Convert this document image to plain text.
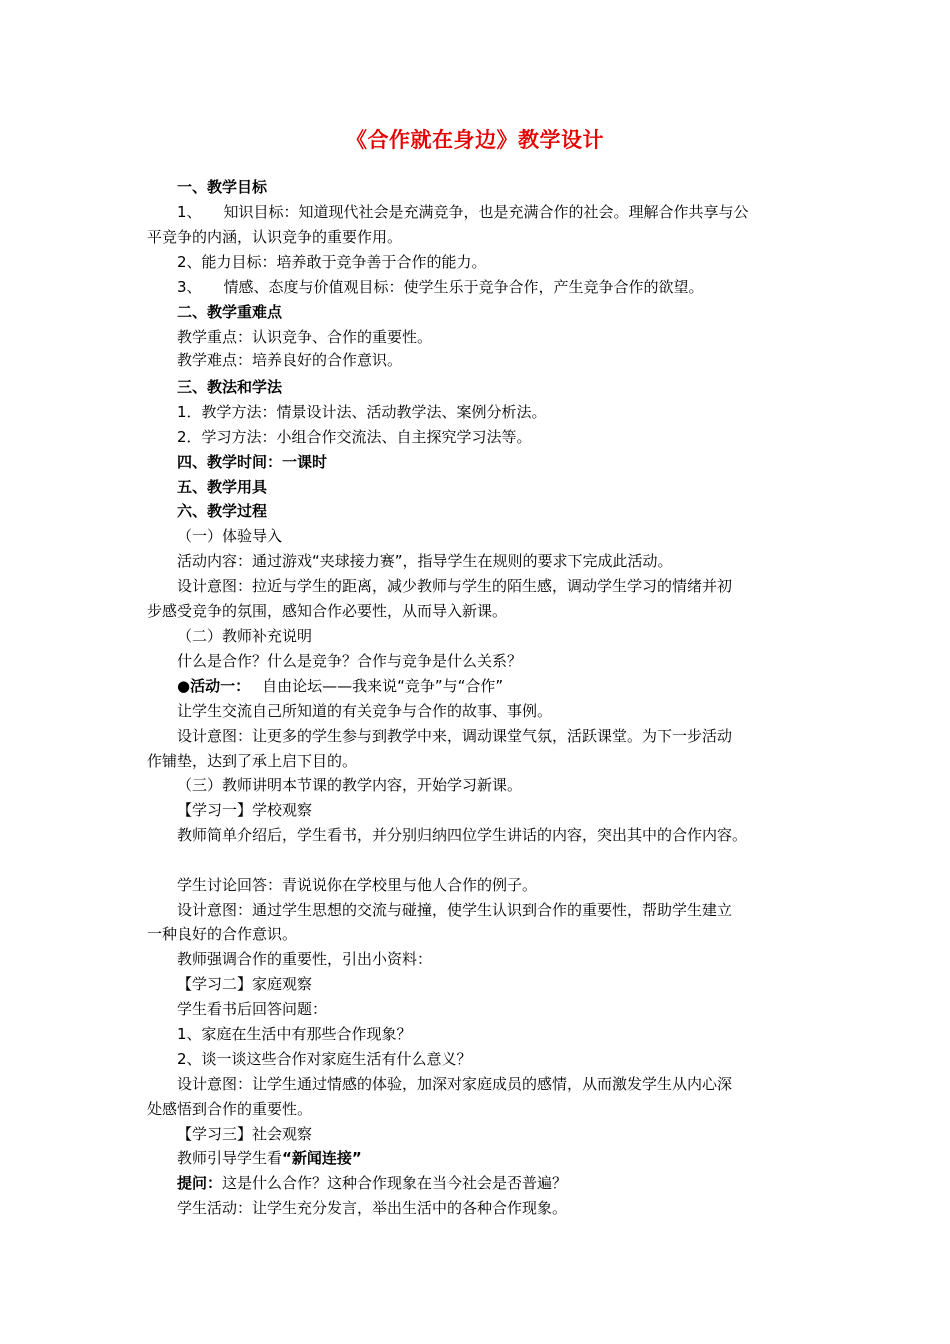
《合作就在身边》教学设计
一、教学目标
1、 知识目标：知道现代社会是充满竞争，也是充满合作的社会。理解合作共享与公
平竞争的内涵，认识竞争的重要作用。
2、能力目标：培养敢于竞争善于合作的能力。
3、 情感、态度与价值观目标：使学生乐于竞争合作，产生竞争合作的欲望。
二、教学重难点
教学重点：认识竞争、合作的重要性。
教学难点：培养良好的合作意识。
三、教法和学法
1．教学方法：情景设计法、活动教学法、案例分析法。
2．学习方法：小组合作交流法、自主探究学习法等。
四、教学时间：一课时
五、教学用具
六、教学过程
（一）体验导入
活动内容：通过游戏“夹球接力赛”，指导学生在规则的要求下完成此活动。
设计意图：拉近与学生的距离，减少教师与学生的陌生感，调动学生学习的情绪并初
步感受竞争的氛围，感知合作必要性，从而导入新课。
（二）教师补充说明
什么是合作？什么是竞争？合作与竞争是什么关系？
●活动一： 自由论坛——我来说“竞争”与“合作”
让学生交流自己所知道的有关竞争与合作的故事、事例。
设计意图：让更多的学生参与到教学中来，调动课堂气氛，活跃课堂。为下一步活动
作铺垫，达到了承上启下目的。
（三）教师讲明本节课的教学内容，开始学习新课。
【学习一】学校观察
教师简单介绍后，学生看书，并分别归纳四位学生讲话的内容，突出其中的合作内容。
学生讨论回答：青说说你在学校里与他人合作的例子。
设计意图：通过学生思想的交流与碰撞，使学生认识到合作的重要性，帮助学生建立
一种良好的合作意识。
教师强调合作的重要性，引出小资料：
【学习二】家庭观察
学生看书后回答问题：
1、家庭在生活中有那些合作现象？
2、谈一谈这些合作对家庭生活有什么意义？
设计意图：让学生通过情感的体验，加深对家庭成员的感情，从而激发学生从内心深
处感悟到合作的重要性。
【学习三】社会观察
教师引导学生看“新闻连接”
提问：这是什么合作？这种合作现象在当今社会是否普遍？
学生活动：让学生充分发言，举出生活中的各种合作现象。
